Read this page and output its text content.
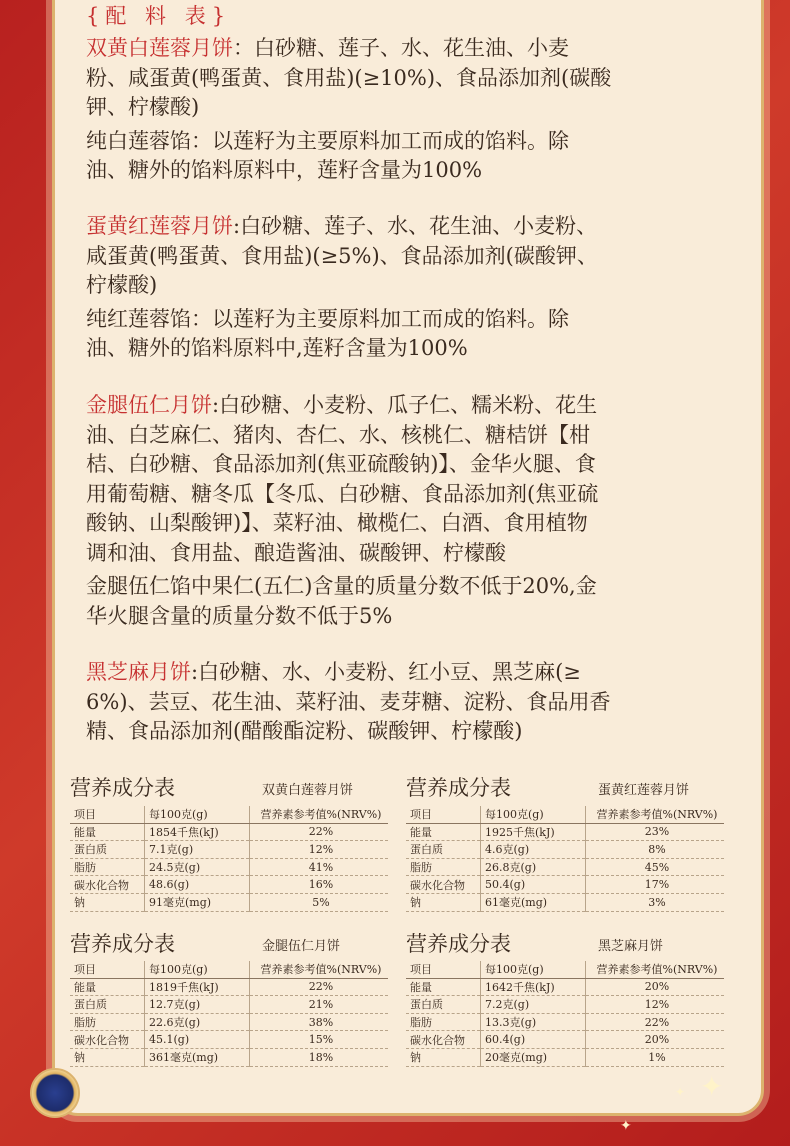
✦
✦
✦
{配 料 表}
双黄白莲蓉月饼：白砂糖、莲子、水、花生油、小麦
粉、咸蛋黄(鸭蛋黄、食用盐)(≥10%)、食品添加剂(碳酸
钾、柠檬酸)
纯白莲蓉馅：以莲籽为主要原料加工而成的馅料。除
油、糖外的馅料原料中，莲籽含量为100%
蛋黄红莲蓉月饼:白砂糖、莲子、水、花生油、小麦粉、
咸蛋黄(鸭蛋黄、食用盐)(≥5%)、食品添加剂(碳酸钾、
柠檬酸)
纯红莲蓉馅：以莲籽为主要原料加工而成的馅料。除
油、糖外的馅料原料中,莲籽含量为100%
金腿伍仁月饼:白砂糖、小麦粉、瓜子仁、糯米粉、花生
油、白芝麻仁、猪肉、杏仁、水、核桃仁、糖桔饼【柑
桔、白砂糖、食品添加剂(焦亚硫酸钠)】、金华火腿、食
用葡萄糖、糖冬瓜【冬瓜、白砂糖、食品添加剂(焦亚硫
酸钠、山梨酸钾)】、菜籽油、橄榄仁、白酒、食用植物
调和油、食用盐、酿造酱油、碳酸钾、柠檬酸
金腿伍仁馅中果仁(五仁)含量的质量分数不低于20%,金
华火腿含量的质量分数不低于5%
黑芝麻月饼:白砂糖、水、小麦粉、红小豆、黑芝麻(≥
6%)、芸豆、花生油、菜籽油、麦芽糖、淀粉、食品用香
精、食品添加剂(醋酸酯淀粉、碳酸钾、柠檬酸)
营养成分表	双黄白莲蓉月饼	营养成分表	蛋黄红莲蓉月饼
营养成分表	金腿伍仁月饼	营养成分表	黑芝麻月饼
项目	每100克(g)	营养素参考值%(NRV%)
能量	1854千焦(kJ)	22%
蛋白质	7.1克(g)	12%
脂肪	24.5克(g)	41%
碳水化合物	48.6(g)	16%
钠	91毫克(mg)	5%
项目	每100克(g)	营养素参考值%(NRV%)
能量	1925千焦(kJ)	23%
蛋白质	4.6克(g)	8%
脂肪	26.8克(g)	45%
碳水化合物	50.4(g)	17%
钠	61毫克(mg)	3%
项目	每100克(g)	营养素参考值%(NRV%)
能量	1819千焦(kJ)	22%
蛋白质	12.7克(g)	21%
脂肪	22.6克(g)	38%
碳水化合物	45.1(g)	15%
钠	361毫克(mg)	18%
项目	每100克(g)	营养素参考值%(NRV%)
能量	1642千焦(kJ)	20%
蛋白质	7.2克(g)	12%
脂肪	13.3克(g)	22%
碳水化合物	60.4(g)	20%
钠	20毫克(mg)	1%
